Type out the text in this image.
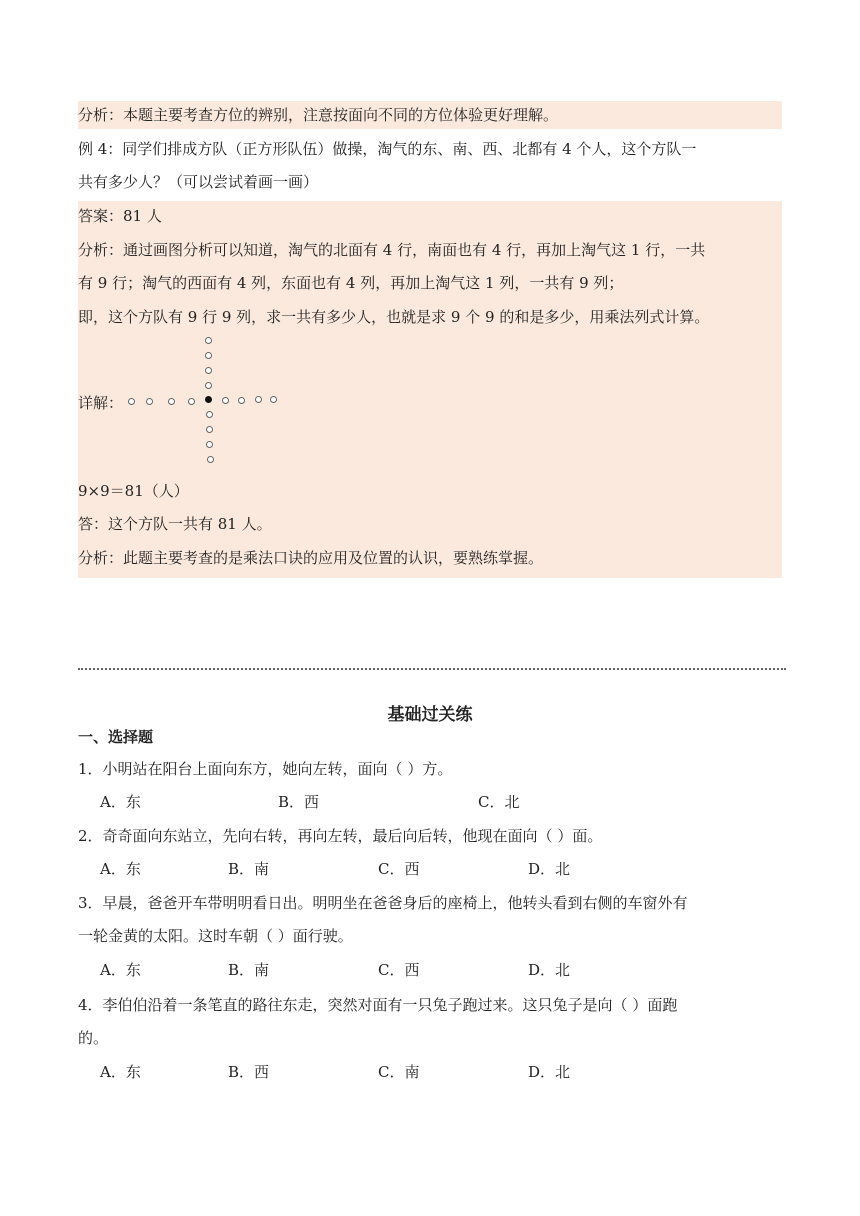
分析：本题主要考查方位的辨别，注意按面向不同的方位体验更好理解。
例 4：同学们排成方队（正方形队伍）做操，淘气的东、南、西、北都有 4 个人，这个方队一
共有多少人？（可以尝试着画一画）
答案：81 人
分析：通过画图分析可以知道，淘气的北面有 4 行，南面也有 4 行，再加上淘气这 1 行，一共
有 9 行；淘气的西面有 4 列，东面也有 4 列，再加上淘气这 1 列，一共有 9 列；
即，这个方队有 9 行 9 列，求一共有多少人，也就是求 9 个 9 的和是多少，用乘法列式计算。
详解：
9×9＝81（人）
答：这个方队一共有 81 人。
分析：此题主要考查的是乘法口诀的应用及位置的认识，要熟练掌握。
基础过关练
一、选择题
1．小明站在阳台上面向东方，她向左转，面向（ ）方。
A．东	B．西	C．北
2．奇奇面向东站立，先向右转，再向左转，最后向后转，他现在面向（ ）面。
A．东	B．南	C．西	D．北
3．早晨，爸爸开车带明明看日出。明明坐在爸爸身后的座椅上，他转头看到右侧的车窗外有
一轮金黄的太阳。这时车朝（ ）面行驶。
A．东	B．南	C．西	D．北
4．李伯伯沿着一条笔直的路往东走，突然对面有一只兔子跑过来。这只兔子是向（ ）面跑
的。
A．东	B．西	C．南	D．北
